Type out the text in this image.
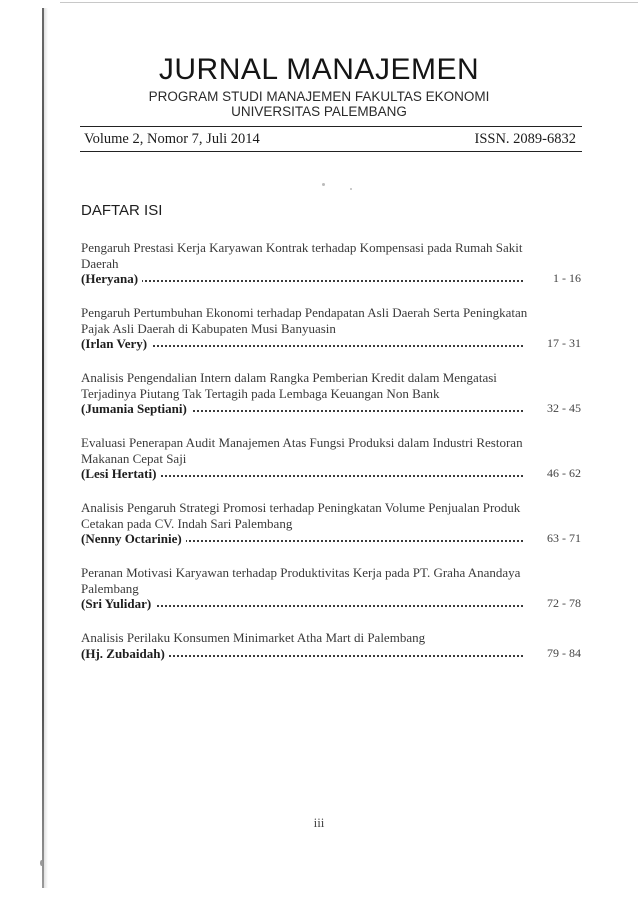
JURNAL MANAJEMEN
PROGRAM STUDI MANAJEMEN FAKULTAS EKONOMI
UNIVERSITAS PALEMBANG
Volume 2, Nomor 7, Juli 2014	ISSN. 2089-6832
DAFTAR ISI
Pengaruh Prestasi Kerja Karyawan Kontrak terhadap Kompensasi pada Rumah Sakit Daerah
(Heryana)	1 - 16
Pengaruh Pertumbuhan Ekonomi terhadap Pendapatan Asli Daerah Serta Peningkatan Pajak Asli Daerah di Kabupaten Musi Banyuasin
(Irlan Very)	17 - 31
Analisis Pengendalian Intern dalam Rangka Pemberian Kredit dalam Mengatasi Terjadinya Piutang Tak Tertagih pada Lembaga Keuangan Non Bank
(Jumania Septiani)	32 - 45
Evaluasi Penerapan Audit Manajemen Atas Fungsi Produksi dalam Industri Restoran Makanan Cepat Saji
(Lesi Hertati)	46 - 62
Analisis Pengaruh Strategi Promosi terhadap Peningkatan Volume Penjualan Produk Cetakan pada CV. Indah Sari Palembang
(Nenny Octarinie)	63 - 71
Peranan Motivasi Karyawan terhadap Produktivitas Kerja pada PT. Graha Anandaya Palembang
(Sri Yulidar)	72 - 78
Analisis Perilaku Konsumen Minimarket Atha Mart di Palembang
(Hj. Zubaidah)	79 - 84
iii
